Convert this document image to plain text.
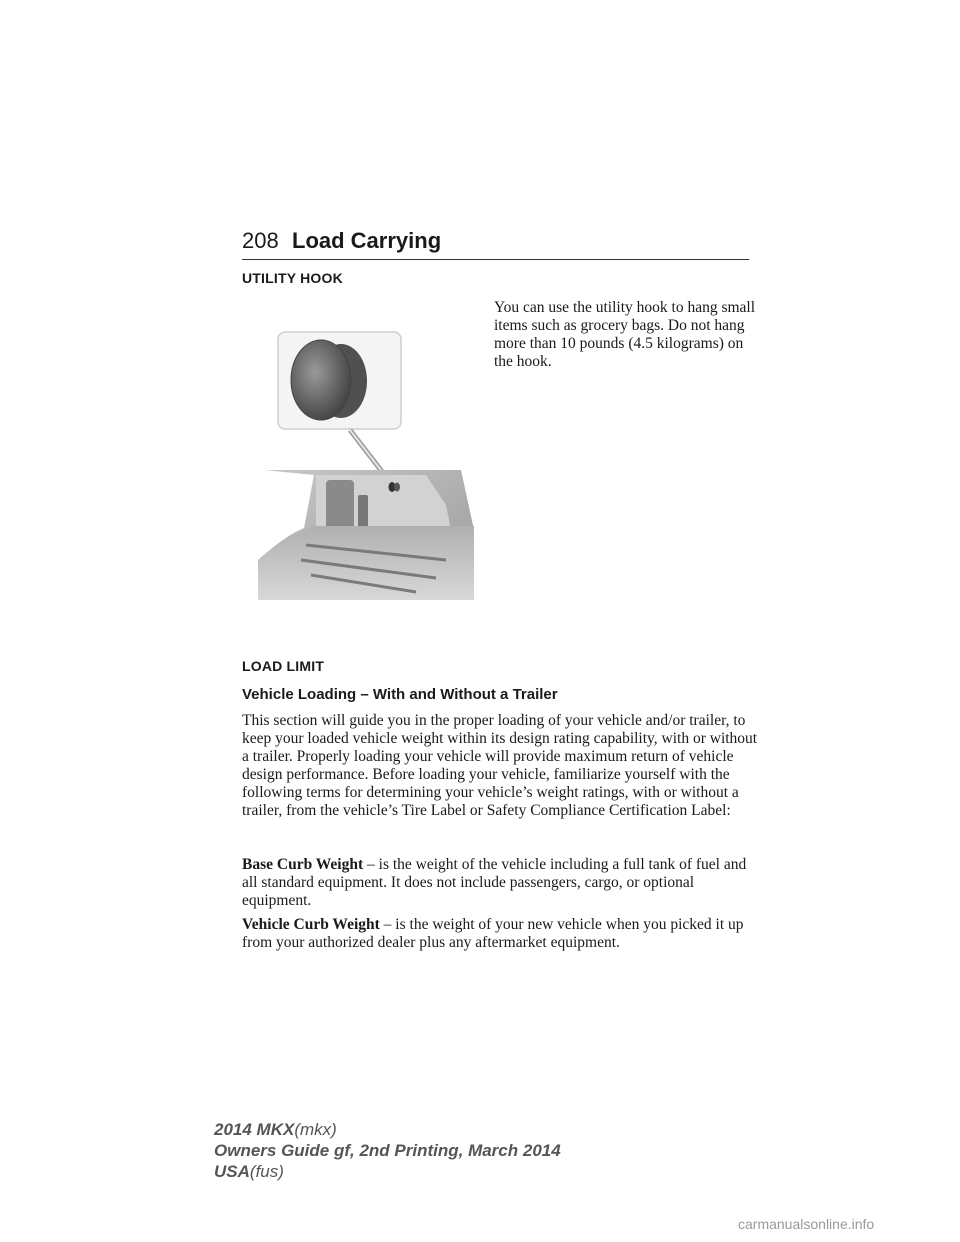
208 Load Carrying
UTILITY HOOK

You can use the utility hook to hang small items such as grocery bags. Do not hang more than 10 pounds (4.5 kilograms) on the hook.

LOAD LIMIT
Vehicle Loading – With and Without a Trailer

This section will guide you in the proper loading of your vehicle and/or trailer, to keep your loaded vehicle weight within its design rating capability, with or without a trailer. Properly loading your vehicle will provide maximum return of vehicle design performance. Before loading your vehicle, familiarize yourself with the following terms for determining your vehicle’s weight ratings, with or without a trailer, from the vehicle’s Tire Label or Safety Compliance Certification Label:

Base Curb Weight – is the weight of the vehicle including a full tank of fuel and all standard equipment. It does not include passengers, cargo, or optional equipment.

Vehicle Curb Weight – is the weight of your new vehicle when you picked it up from your authorized dealer plus any aftermarket equipment.

2014 MKX(mkx)
Owners Guide gf, 2nd Printing, March 2014
USA(fus)
carmanualsonline.info
